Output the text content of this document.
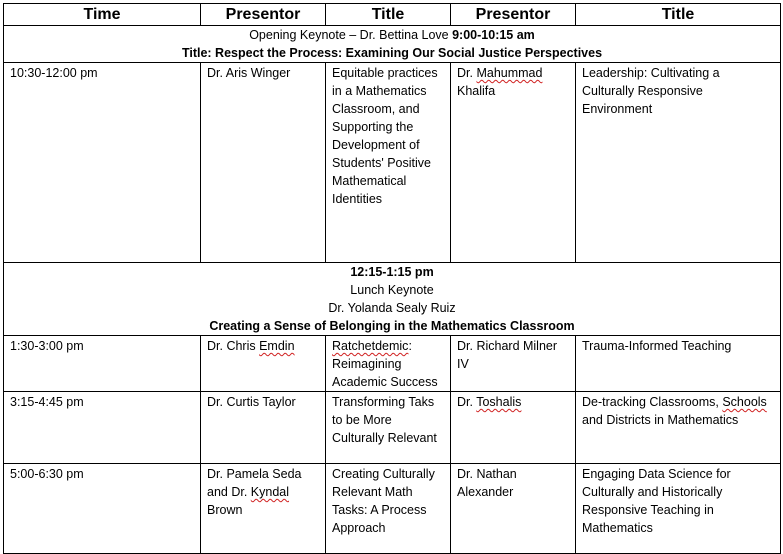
Time	Presentor	Title	Presentor	Title

Opening Keynote – Dr. Bettina Love 9:00-10:15 am
Title: Respect the Process: Examining Our Social Justice Perspectives				

10:30-12:00 pm	Dr. Aris Winger	Equitable practices in a Mathematics Classroom, and Supporting the Development of Students' Positive Mathematical Identities	Dr. Mahummad Khalifa	Leadership: Cultivating a Culturally Responsive Environment

12:15-1:15 pm
Lunch Keynote
Dr. Yolanda Sealy Ruiz
Creating a Sense of Belonging in the Mathematics Classroom				

1:30-3:00 pm	Dr. Chris Emdin	Ratchetdemic: Reimagining Academic Success	Dr. Richard Milner IV	Trauma-Informed Teaching
3:15-4:45 pm	Dr. Curtis Taylor	Transforming Taks to be More Culturally Relevant	Dr. Toshalis	De-tracking Classrooms, Schools and Districts in Mathematics
5:00-6:30 pm	Dr. Pamela Seda and Dr. Kyndal Brown	Creating Culturally Relevant Math Tasks: A Process Approach	Dr. Nathan Alexander	Engaging Data Science for Culturally and Historically Responsive Teaching in Mathematics
